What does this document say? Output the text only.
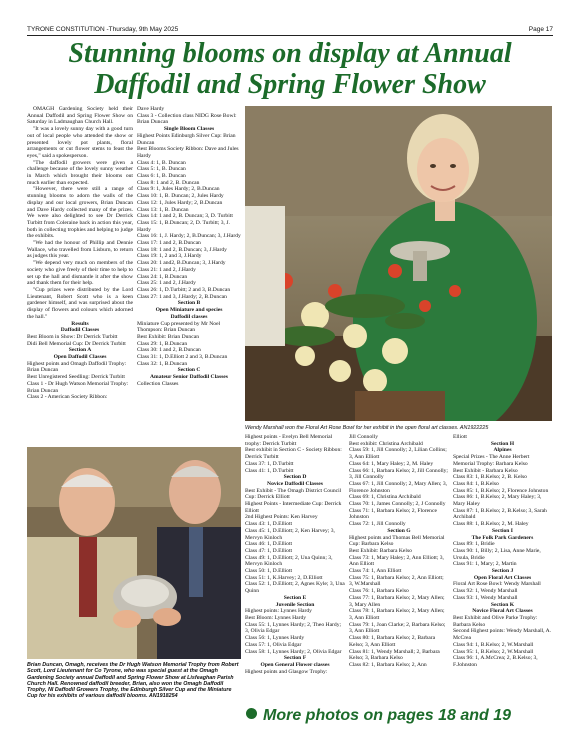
TYRONE CONSTITUTION -Thursday, 9th May 2025	Page 17
Stunning blooms on display at Annual Daffodil and Spring Flower Show

OMAGH Gardening Society held their Annual Daffodil and Spring Flower Show on Saturday in Ladmaughan Church Hall.

"It was a lovely sunny day with a good turn out of local people who attended the show or presented lovely pot plants, floral arrangements or cut flower stems to feast the eyes," said a spokesperson.

"The daffodil growers were given a challenge because of the lovely sunny weather in March which brought their blooms out much earlier than expected.

"However, there were still a range of stunning blooms to adorn the walls of the display and our local growers, Brian Duncan and Dave Hardy collected many of the prizes. We were also delighted to see Dr Derrick Turbitt from Coleraine back in action this year, both in collecting trophies and helping to judge the exhibits.

"We had the honour of Phillip and Dennie Wallace, who travelled from Lisburn, to return as judges this year.

"We depend very much on members of the society who give freely of their time to help to set up the hall and dismantle it after the show and thank them for their help.

"Cup prizes were distributed by the Lord Lieutenant, Robert Scott who is a keen gardener himself, and was surprised about the display of flowers and colours which adorned the hall."

Results

Daffodil Classes

Best Bloom in Show: Dr Derrick Turbitt

Didi Bell Memorial Cup: Dr Derrick Turbitt

Section A

Open Daffodil Classes

Highest points and Omagh Daffodil Trophy: Brian Duncan

Best Unregistered Seedling: Derrick Turbitt

Class 1 - Dr Hugh Watson Memorial Trophy: Brian Duncan

Class 2 - American Society Ribbon:

Dave Hardy

Class 3 - Collection class NIDG Rose Bowl: Brian Duncan

Single Bloom Classes

Highest Points Edinburgh Silver Cup: Brian Duncan

Best Blooms Society Ribbon: Dave and Jules Hardy

Class 4: 1, B. Duncan

Class 5: 1, B. Duncan

Class 6: 1, B. Duncan

Class 8: 1 and 2, B. Duncan

Class 9: 1, Jules Hardy; 2, B.Duncan

Class 10: 1, B. Duncan; 2, Jules Hardy

Class 12: 1, Jules Hardy; 2, B.Duncan

Class 13: 1, B. Duncan

Class 14: 1 and 2, B. Duncan; 3, D. Turbitt

Class 15: 1, B.Duncan; 2, D. Turbitt; 3, J. Hardy

Class 16: 1, J. Hardy; 2, B.Duncan; 3, J.Hardy

Class 17: 1 and 2, B.Duncan

Class 18: 1 and 2, B.Duncan; 3, J.Hardy

Class 19: 1, 2 and 3, J.Hardy

Class 20: 1 and2, B.Duncan; 3, J.Hardy

Class 21: 1 and 2, J.Hardy

Class 24: 1, B.Duncan

Class 25: 1 and 2, J.Hardy

Class 26: 1, D.Turbitt; 2 and 3, B.Duncan

Class 27: 1 and 3, J.Hardy; 2, B.Duncan

Section B

Open Miniature and species

Daffodil classes

Miniature Cup presented by Mr Noel Thompson: Brian Duncan

Best Exhibit: Brian Duncan

Class 29: 1, B.Duncan

Class 30: 1 and 2, B.Duncan

Class 31: 1, D.Elliott 2 and 3, B.Duncan

Class 32: 1, B.Duncan

Section C

Amateur Senior Daffodil Classes

Collection Classes

Wendy Marshall won the Floral Art Rose Bowl for her exhibit in the open floral art classes. AN1922225
Brian Duncan, Omagh, receives the Dr Hugh Watson Memorial Trophy from Robert Scott, Lord Lieutenant for Co Tyrone, who was special guest at the Omagh Gardening Society annual Daffodil and Spring Flower Show at Lisfeaghan Parish Church Hall. Renowned daffodil breeder, Brian, also won the Omagh Daffodil Trophy, NI Daffodil Growers Trophy, the Edinburgh Silver Cup and the Miniature Cup for his exhibits of various daffodil blooms. AN1918254

Highest points - Evelyn Bell Memorial trophy: Derrick Turbitt

Best exhibit in Section C - Society Ribbon: Derrick Turbitt

Class 37: 1, D.Turbitt

Class 41: 1, D.Turbitt

Section D

Novice Daffodil Classes

Best Exhibit - The Omagh District Council Cup: Derrick Elliott

Highest Points - Intermediate Cup: Derrick Elliott

2nd Highest Points: Ken Harvey

Class 43: 1, D.Elliott

Class 45: 1, D.Elliott; 2, Ken Harvey; 3, Mervyn Kinloch

Class 46: 1, D.Elliott

Class 47: 1, D.Elliott

Class 49: 1, D.Elliott; 2, Una Quinn; 3, Mervyn Kinloch

Class 50: 1, D.Elliott

Class 51: 1, K.Harvey; 2, D.Elliott

Class 52: 1, D.Elliott; 2, Agnes Kyle; 3, Una Quinn

Section E

Juvenile Section

Highest points: Lynnes Hardy

Best Bloom: Lynnes Hardy

Class 55: 1, Lynnes Hardy; 2, Theo Hardy; 3, Olivia Edgar

Class 56: 1, Lynnes Hardy

Class 57: 1, Olivia Edgar

Class 58: 1, Lynnes Hardy; 2, Olivia Edgar

Section F

Open General Flower classes

Highest points and Glasgow Trophy:

Jill Connolly

Best exhibit: Christina Archibald

Class 59: 1, Jill Connolly; 2, Lilian Collins; 3, Ann Elliott

Class 64: 1, Mary Haley; 2, M. Haley

Class 66: 1, Barbara Kelso; 2, Jill Connolly; 3, Jill Connolly

Class 67: 1, Jill Connolly; 2, Mary Allen; 3, Florence Johnston

Class 69: 1, Christina Archibald

Class 70: 1, James Connolly; 2, J Connolly

Class 71: 1, Barbara Kelso; 2, Florence Johnston

Class 72: 1, Jill Connolly

Section G

Highest points and Thomas Bell Memorial Cup: Barbara Kelso

Best Exhibit: Barbara Kelso

Class 73: 1, Mary Haley; 2, Ann Elliott; 3, Ann Elliott

Class 74: 1, Ann Elliott

Class 75: 1, Barbara Kelso; 2, Ann Elliott; 3, W.Marshall

Class 76: 1, Barbara Kelso

Class 77: 1, Barbara Kelso; 2, Mary Allen; 3, Mary Allen

Class 78: 1, Barbara Kelso; 2, Mary Allen; 3, Ann Elliott

Class 79: 1, Joan Clarke; 2, Barbara Kelso; 3, Ann Elliott

Class 80: 1, Barbara Kelso; 2, Barbara Kelso; 3, Ann Elliott

Class 81: 1, Wendy Marshall; 2, Barbara Kelso; 3, Barbara Kelso

Class 82: 1, Barbara Kelso; 2, Ann

Elliott

Section H

Alpines

Special Prizes - The Anne Herbert Memorial Trophy: Barbara Kelso

Best Exhibit - Barbara Kelso

Class 83: 1, B.Kelso; 2, B. Kelso

Class 84: 1, B.Kelso

Class 85: 1, B.Kelso; 2, Florence Johnston

Class 86: 1, B.Kelso; 2, Mary Haley; 3, Mary Haley

Class 87: 1, B.Kelso; 2, B.Kelso; 3, Sarah Archibald

Class 88: 1, B.Kelso; 2, M. Haley

Section I

The Folk Park Gardeners

Class 89: 1, Bridie

Class 90: 1, Billy; 2, Lisa, Anne Marie, Ursula, Bridie

Class 91: 1, Mary; 2, Martin

Section J

Open Floral Art Classes

Floral Art Rose Bowl: Wendy Marshall

Class 92: 1, Wendy Marshall

Class 93: 1, Wendy Marshall

Section K

Novice Floral Art Classes

Best Exhibit and Olive Parke Trophy: Barbara Kelso

Second Highest points: Wendy Marshall, A. McCrea

Class 94: 1, B.Kelso; 2, W.Marshall

Class 95: 1, B.Kelso; 2, W.Marshall

Class 96: 1, A.McCrea; 2, B.Kelso; 3, F.Johnston

More photos on pages 18 and 19
